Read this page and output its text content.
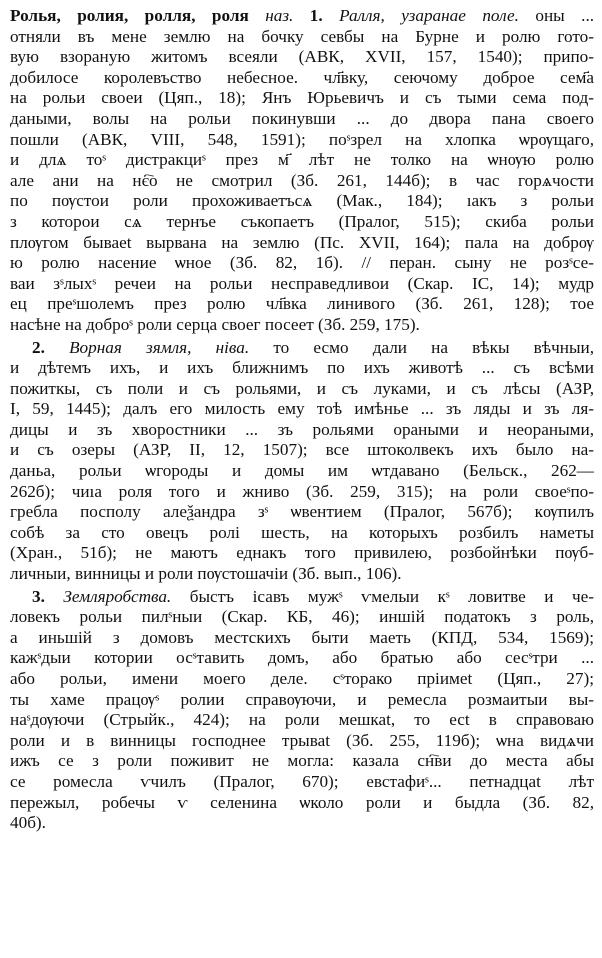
Ролья, ролия, ролля, роля наз. 1. Ралля, узаранае поле. оны ...
отняли въ мене землю на бочку севбы на Бурне и ролю гото-
вую взораную житомъ всеяли (АВК, XVII, 157, 1540); припо-
добилосе королевъство небесное. чл҃вку, сеючому доброе сем҃а
на рольи своеи (Цяп., 18); Янъ Юрьевичъ и съ тыми сема под-
даными, волы на рольи покинувши ... до двора пана своего
пошли (АВК, VIII, 548, 1591); поˢзрел на хлопка ѡрѹщаго,
и длѧ тоˢ дистракциˢ през м҃ лѣт не толко на ѡнѹю ролю
але ани на нє҇о не смотрил (Зб. 261, 144б); в час горѧчости
по пѹстои роли прохоживаетъсѧ (Мак., 184); ıакъ з рольи
з которои сѧ тернъе съкопаетъ (Пралог, 515); скиба рольи
плѹгом бываеt вырвана на землю (Пс. XVII, 164); пала на добрѹ
ю ролю насение ѡное (Зб. 82, 1б). // перан. сыну не розˢсе-
ваи зˢлыхˢ речеи на рольи несправедливои (Скар. ІС, 14); мудр
ец преˢшолемъ през ролю чл҃вка линивого (Зб. 261, 128); тое
насѣне на доброˢ роли серца своег посеет (Зб. 259, 175).
2. Ворная зямля, ніва. то есмо дали на вѣкы вѣчныи,
и дѣтемъ ихъ, и ихъ ближнимъ по ихъ животѣ ... съ всѣми
пожиткы, съ поли и съ рольями, и съ луками, и съ лѣсы (АЗР,
I, 59, 1445); далъ его милость ему тоѣ имѣнье ... зъ ляды и зъ ля-
дицы и зъ хворостники ... зъ рольями ораными и неораными,
и съ озеры (АЗР, II, 12, 1507); все штоколвекъ ихъ было на-
даньа, рольи ѡгороды и домы им ѡтдавано (Бельск., 262—
262б); чиıа роля того и жниво (Зб. 259, 315); на роли своеˢпо-
гребла посполу алеѯандра зˢ ѡвентием (Пралог, 567б); кѹпилъ
собѣ за сто овецъ ролі шесть, на которыхъ розбилъ наметы
(Хран., 51б); не маютъ еднакъ того привилею, розбойнѣки пѹб-
личныи, винницы и роли пѹстошачіи (Зб. вып., 106).
3. Земляробства. быстъ ісавъ мужˢ ѵмелыи кˢ ловитве и че-
ловекъ рольи пилˢныи (Скар. КБ, 46); иншій податокъ з роль,
а иньшій з домовъ местскихъ быти маеть (КПД, 534, 1569);
кажˢдыи котории осˢтавить домъ, або братью або сесˢтри ...
або рольи, имени моего деле. сˢторако пріимеt (Цяп., 27);
ты хаме працѹˢ ролии справѹючи, и ремесла розмаитыи вы-
наˢдѹючи (Стрыйк., 424); на роли мешкаt, то есt в справоваю
роли и в винницы господнее трываt (Зб. 255, 119б); ѡна видѧчи
ижъ се з роли поживит не могла: казала сн҇ви до места абы
се ромесла ѵчилъ (Пралог, 670); евстафиˢ... петнадцаt лѣт
пережыл, робечы ѵ селенина ѡколо роли и быдла (Зб. 82,
40б).
